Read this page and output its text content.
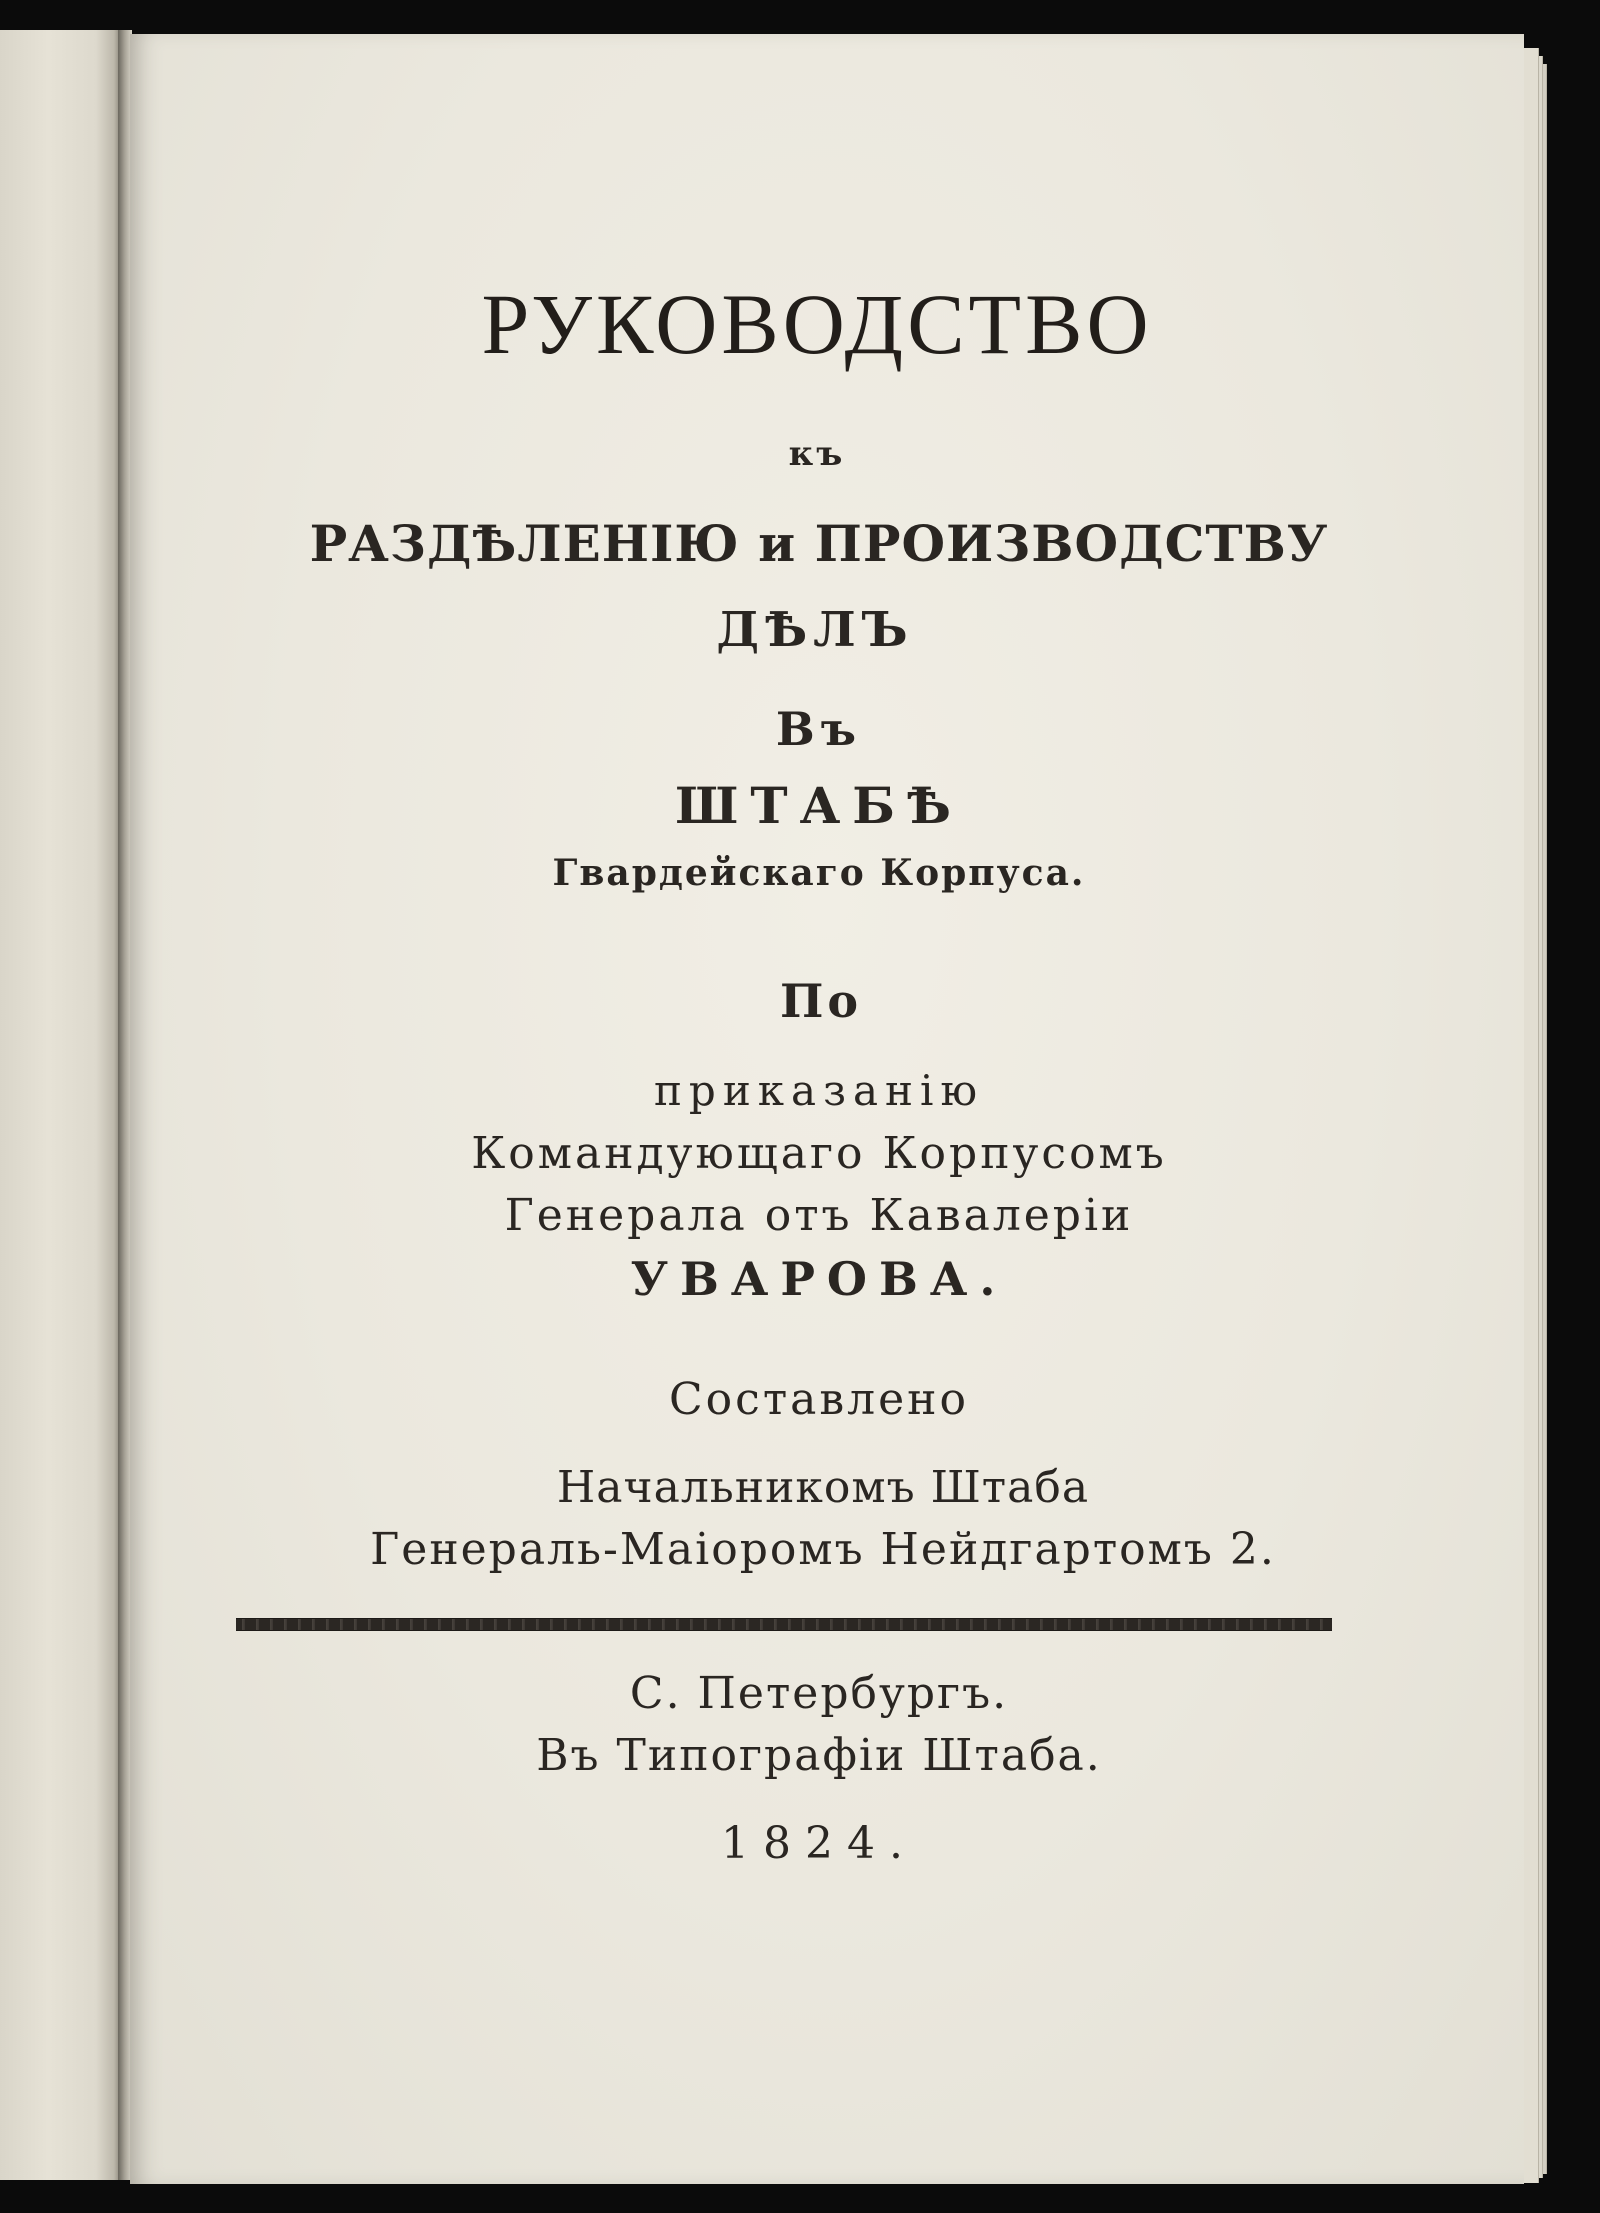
РУКОВОДСТВО
къ
РАЗДѢЛЕНІЮ и ПРОИЗВОДСТВУ
ДѢЛЪ
Въ
ШТАБѢ
Гвардейскаго Корпуса.
По
приказанію
Командующаго Корпусомъ
Генерала отъ Кавалеріи
УВАРОВА.
Составлено
Начальникомъ Штаба
Генераль-Маіоромъ Нейдгартомъ 2.
С. Петербургъ.
Въ Типографіи Штаба.
1824.
